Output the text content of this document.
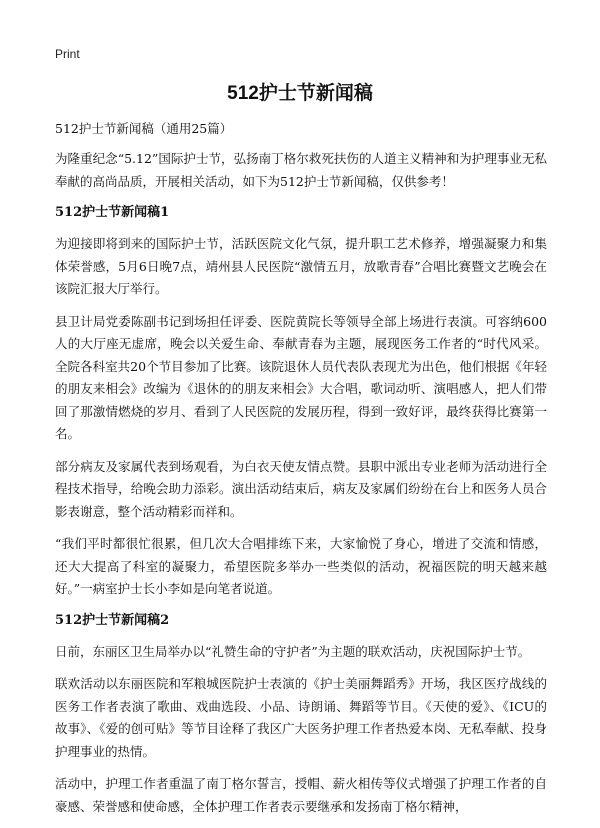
Print
512护士节新闻稿
512护士节新闻稿（通用25篇）

为隆重纪念“5.12”国际护士节，弘扬南丁格尔救死扶伤的人道主义精神和为护理事业无私奉献的高尚品质，开展相关活动，如下为512护士节新闻稿，仅供参考！

512护士节新闻稿1

为迎接即将到来的国际护士节，活跃医院文化气氛，提升职工艺术修养，增强凝聚力和集体荣誉感，5月6日晚7点，靖州县人民医院“激情五月，放歌青春”合唱比赛暨文艺晚会在该院汇报大厅举行。

县卫计局党委陈副书记到场担任评委、医院黄院长等领导全部上场进行表演。可容纳600人的大厅座无虚席，晚会以关爱生命、奉献青春为主题，展现医务工作者的“时代风采。全院各科室共20个节目参加了比赛。该院退休人员代表队表现尤为出色，他们根据《年轻的朋友来相会》改编为《退休的的朋友来相会》大合唱，歌词动听、演唱感人，把人们带回了那激情燃烧的岁月、看到了人民医院的发展历程，得到一致好评，最终获得比赛第一名。

部分病友及家属代表到场观看，为白衣天使友情点赞。县职中派出专业老师为活动进行全程技术指导，给晚会助力添彩。演出活动结束后，病友及家属们纷纷在台上和医务人员合影表谢意，整个活动精彩而祥和。

“我们平时都很忙很累，但几次大合唱排练下来，大家愉悦了身心，增进了交流和情感，还大大提高了科室的凝聚力，希望医院多举办一些类似的活动，祝福医院的明天越来越好。”一病室护士长小李如是向笔者说道。

512护士节新闻稿2

日前，东丽区卫生局举办以“礼赞生命的守护者”为主题的联欢活动，庆祝国际护士节。

联欢活动以东丽医院和军粮城医院护士表演的《护士美丽舞蹈秀》开场，我区医疗战线的医务工作者表演了歌曲、戏曲选段、小品、诗朗诵、舞蹈等节目。《天使的爱》、《ICU的故事》、《爱的创可贴》等节目诠释了我区广大医务护理工作者热爱本岗、无私奉献、投身护理事业的热情。

活动中，护理工作者重温了南丁格尔誓言，授帽、薪火相传等仪式增强了护理工作者的自豪感、荣誉感和使命感，全体护理工作者表示要继承和发扬南丁格尔精神，
